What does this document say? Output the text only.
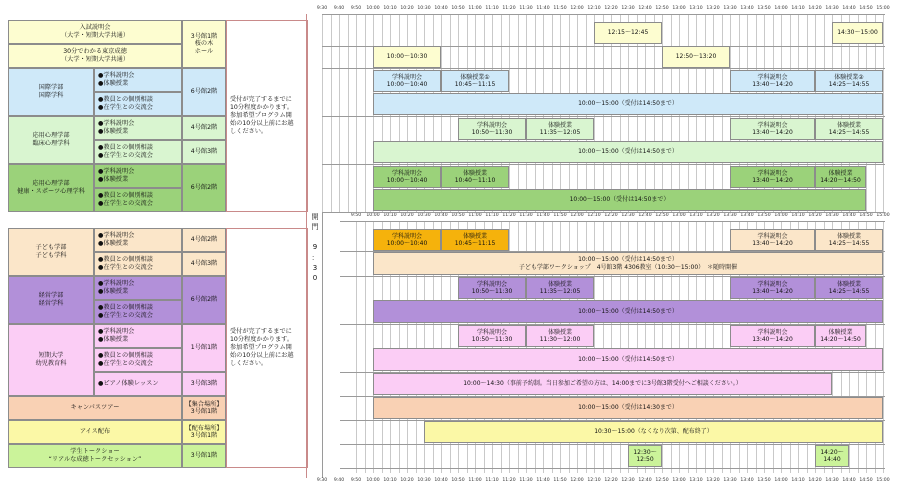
入試説明会
（大学・短期大学共通）
30分でわかる東京成徳
（大学・短期大学共通）
3号館1階
桜の木
ホール
国際学部
国際学科
●学科説明会
●体験授業
●教員との個別相談
●在学生との交流会
6号館2階
応用心理学部
臨床心理学科
●学科説明会
●体験授業
●教員との個別相談
●在学生との交流会
4号館2階
4号館3階
応用心理学部
健康・スポーツ心理学科
●学科説明会
●体験授業
●教員との個別相談
●在学生との交流会
6号館2階
受付が完了するまでに
10分程度かかります。
参加希望プログラム開
始の10分以上前にお越
しください。
子ども学部
子ども学科
●学科説明会
●体験授業
●教員との個別相談
●在学生との交流会
4号館2階
4号館3階
経営学部
経営学科
●学科説明会
●体験授業
●教員との個別相談
●在学生との交流会
6号館2階
短期大学
幼児教育科
●学科説明会
●体験授業
●教員との個別相談
●在学生との交流会
●ピアノ体験レッスン
1号館1階
3号館3階
キャンパスツアー
【集合場所】
3号館1階
アイス配布
【配布場所】
3号館1階
学生トークショー
“リアルな成徳トークセッション”
3号館1階
受付が完了するまでに
10分程度かかります。
参加希望プログラム開
始の10分以上前にお越
しください。
9:30 9:40 9:50 10:00 10:10 10:20 10:30 10:40 10:50 11:00 11:10 11:20 11:30 11:40 11:50 12:00 12:10 12:20 12:30 12:40 12:50 13:00 13:10 13:20 13:30 13:40 13:50 14:00 14:10 14:20 14:30 14:40 14:50 15:00
9:50 10:00 10:10 10:20 10:30 10:40 10:50 11:00 11:10 11:20 11:30 11:40 11:50 12:00 12:10 12:20 12:30 12:40 12:50 13:00 13:10 13:20 13:30 13:40 13:50 14:00 14:10 14:20 14:30 14:40 14:50 15:00
9:30 9:40 9:50 10:00 10:10 10:20 10:30 10:40 10:50 11:00 11:10 11:20 11:30 11:40 11:50 12:00 12:10 12:20 12:30 12:40 12:50 13:00 13:10 13:20 13:30 13:40 13:50 14:00 14:10 14:20 14:30 14:40 14:50 15:00
開
門

9
：
3
0
12:15～12:45	14:30～15:00
10:00～10:30	12:50～13:20
学科説明会
10:00～10:40
体験授業①
10:45～11:15
学科説明会
13:40～14:20
体験授業②
14:25～14:55
10:00～15:00（受付は14:50まで）
学科説明会
10:50～11:30
体験授業
11:35～12:05
学科説明会
13:40～14:20
体験授業
14:25～14:55
10:00～15:00（受付は14:50まで）
学科説明会
10:00～10:40
体験授業
10:40～11:10
学科説明会
13:40～14:20
体験授業
14:20～14:50
10:00～15:00（受付は14:50まで）
学科説明会
10:00～10:40
体験授業
10:45～11:15
学科説明会
13:40～14:20
体験授業
14:25～14:55
10:00～15:00（受付は14:50まで）
子ども学部ワークショップ　4号館3階 4306教室（10:30～15:00）　＊随時開催
学科説明会
10:50～11:30
体験授業
11:35～12:05
学科説明会
13:40～14:20
体験授業
14:25～14:55
10:00～15:00（受付は14:50まで）
学科説明会
10:50～11:30
体験授業
11:30～12:00
学科説明会
13:40～14:20
体験授業
14:20～14:50
10:00～15:00（受付は14:50まで）
10:00～14:30（事前予約制。当日参加ご希望の方は、14:00までに3号館3階受付へご相談ください。）
10:00～15:00（受付は14:30まで）
10:30～15:00（なくなり次第、配布終了）
12:30～
12:50
14:20～
14:40
